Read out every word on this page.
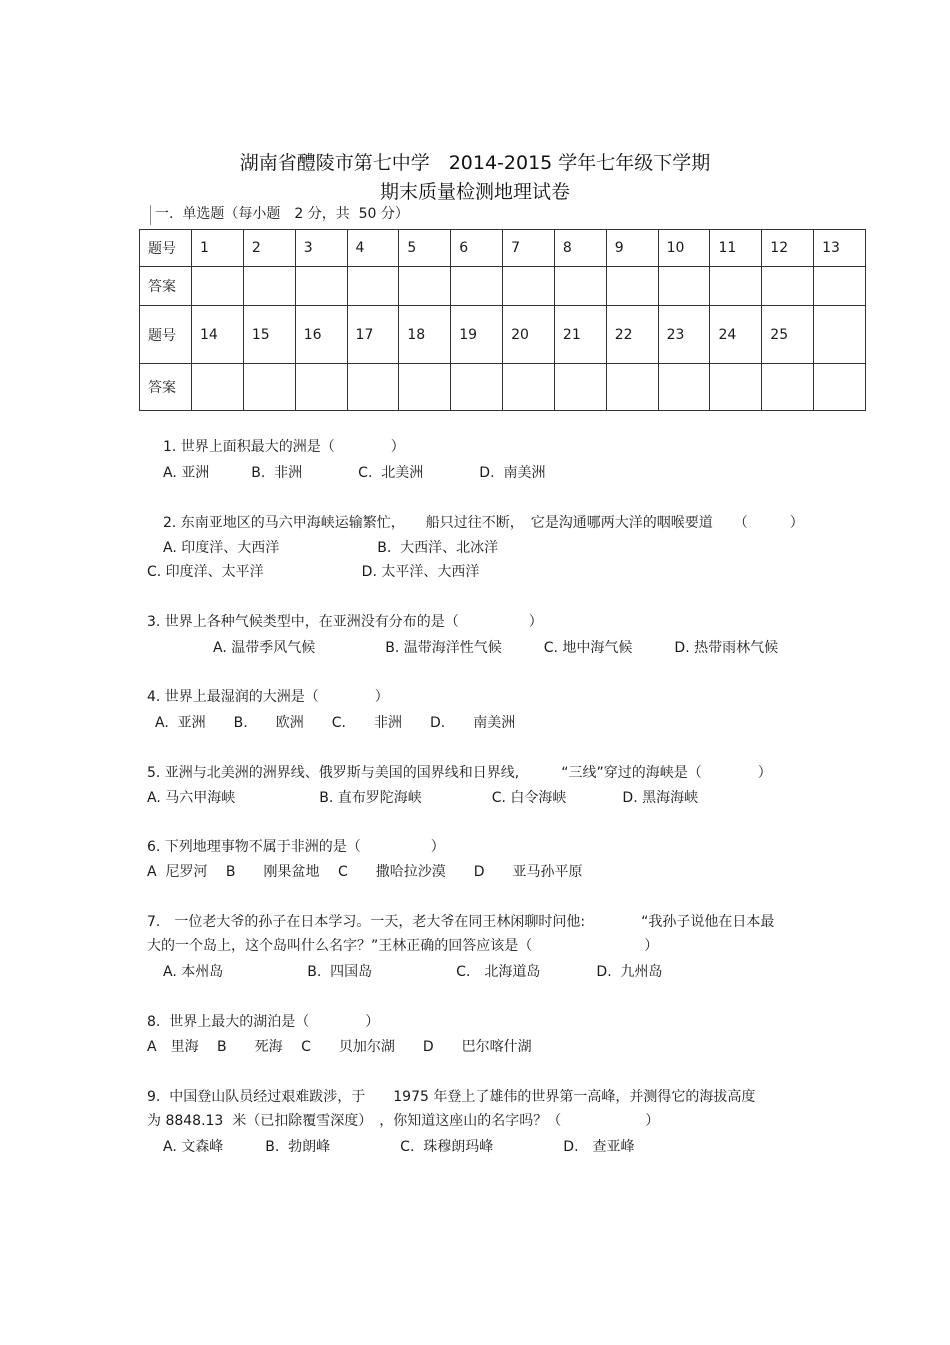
湖南省醴陵市第七中学　2014-2015 学年七年级下学期
期末质量检测地理试卷
一.  单选题（每小题　2 分，共  50 分）
题号	1	2	3	4	5	6	7	8	9	10	11	12	13
答案													
题号	14	15	16	17	18	19	20	21	22	23	24	25	
答案													
1. 世界上面积最大的洲是（　　　　）
A. 亚洲　　　B.  非洲　　　　C.  北美洲　　　　D.  南美洲
2. 东南亚地区的马六甲海峡运输繁忙，　　船只过往不断，　它是沟通哪两大洋的咽喉要道　　（　　　）
A. 印度洋、大西洋　　　　　　　B.  大西洋、北冰洋
C. 印度洋、太平洋　　　　　　　D. 太平洋、大西洋
3. 世界上各种气候类型中，在亚洲没有分布的是（　　　　　）
A. 温带季风气候　　　　　B. 温带海洋性气候　　　C. 地中海气候　　　D. 热带雨林气候
4. 世界上最湿润的大洲是（　　　　）
A.  亚洲　　B.　　欧洲　　C.　　非洲　　D.　　南美洲
5. 亚洲与北美洲的洲界线、俄罗斯与美国的国界线和日界线,　　　“三线”穿过的海峡是（　　　　）
A. 马六甲海峡　　　　　　B. 直布罗陀海峡　　　　　C. 白令海峡　　　　D. 黑海海峡
6. 下列地理事物不属于非洲的是（　　　　　）
A  尼罗河　 B　　刚果盆地　 C　　撒哈拉沙漠　　D　　亚马孙平原
7.　一位老大爷的孙子在日本学习。一天，老大爷在同王林闲聊时问他:　　　　“我孙子说他在日本最
大的一个岛上，这个岛叫什么名字？”王林正确的回答应该是（　　　　　　　　）
A. 本州岛　　　　　　B.  四国岛　　　　　　C.　北海道岛　　　　D.  九州岛
8.  世界上最大的湖泊是（　　　　）
A　里海　 B　　死海　 C　　贝加尔湖　　D　　巴尔喀什湖
9.  中国登山队员经过艰难跋涉，于　　1975 年登上了雄伟的世界第一高峰，并测得它的海拔高度
为 8848.13  米（已扣除覆雪深度）　，你知道这座山的名字吗？（　　　　　　）
A. 文森峰　　　B.  勃朗峰　　　　　C.  珠穆朗玛峰　　　　　D.　查亚峰
